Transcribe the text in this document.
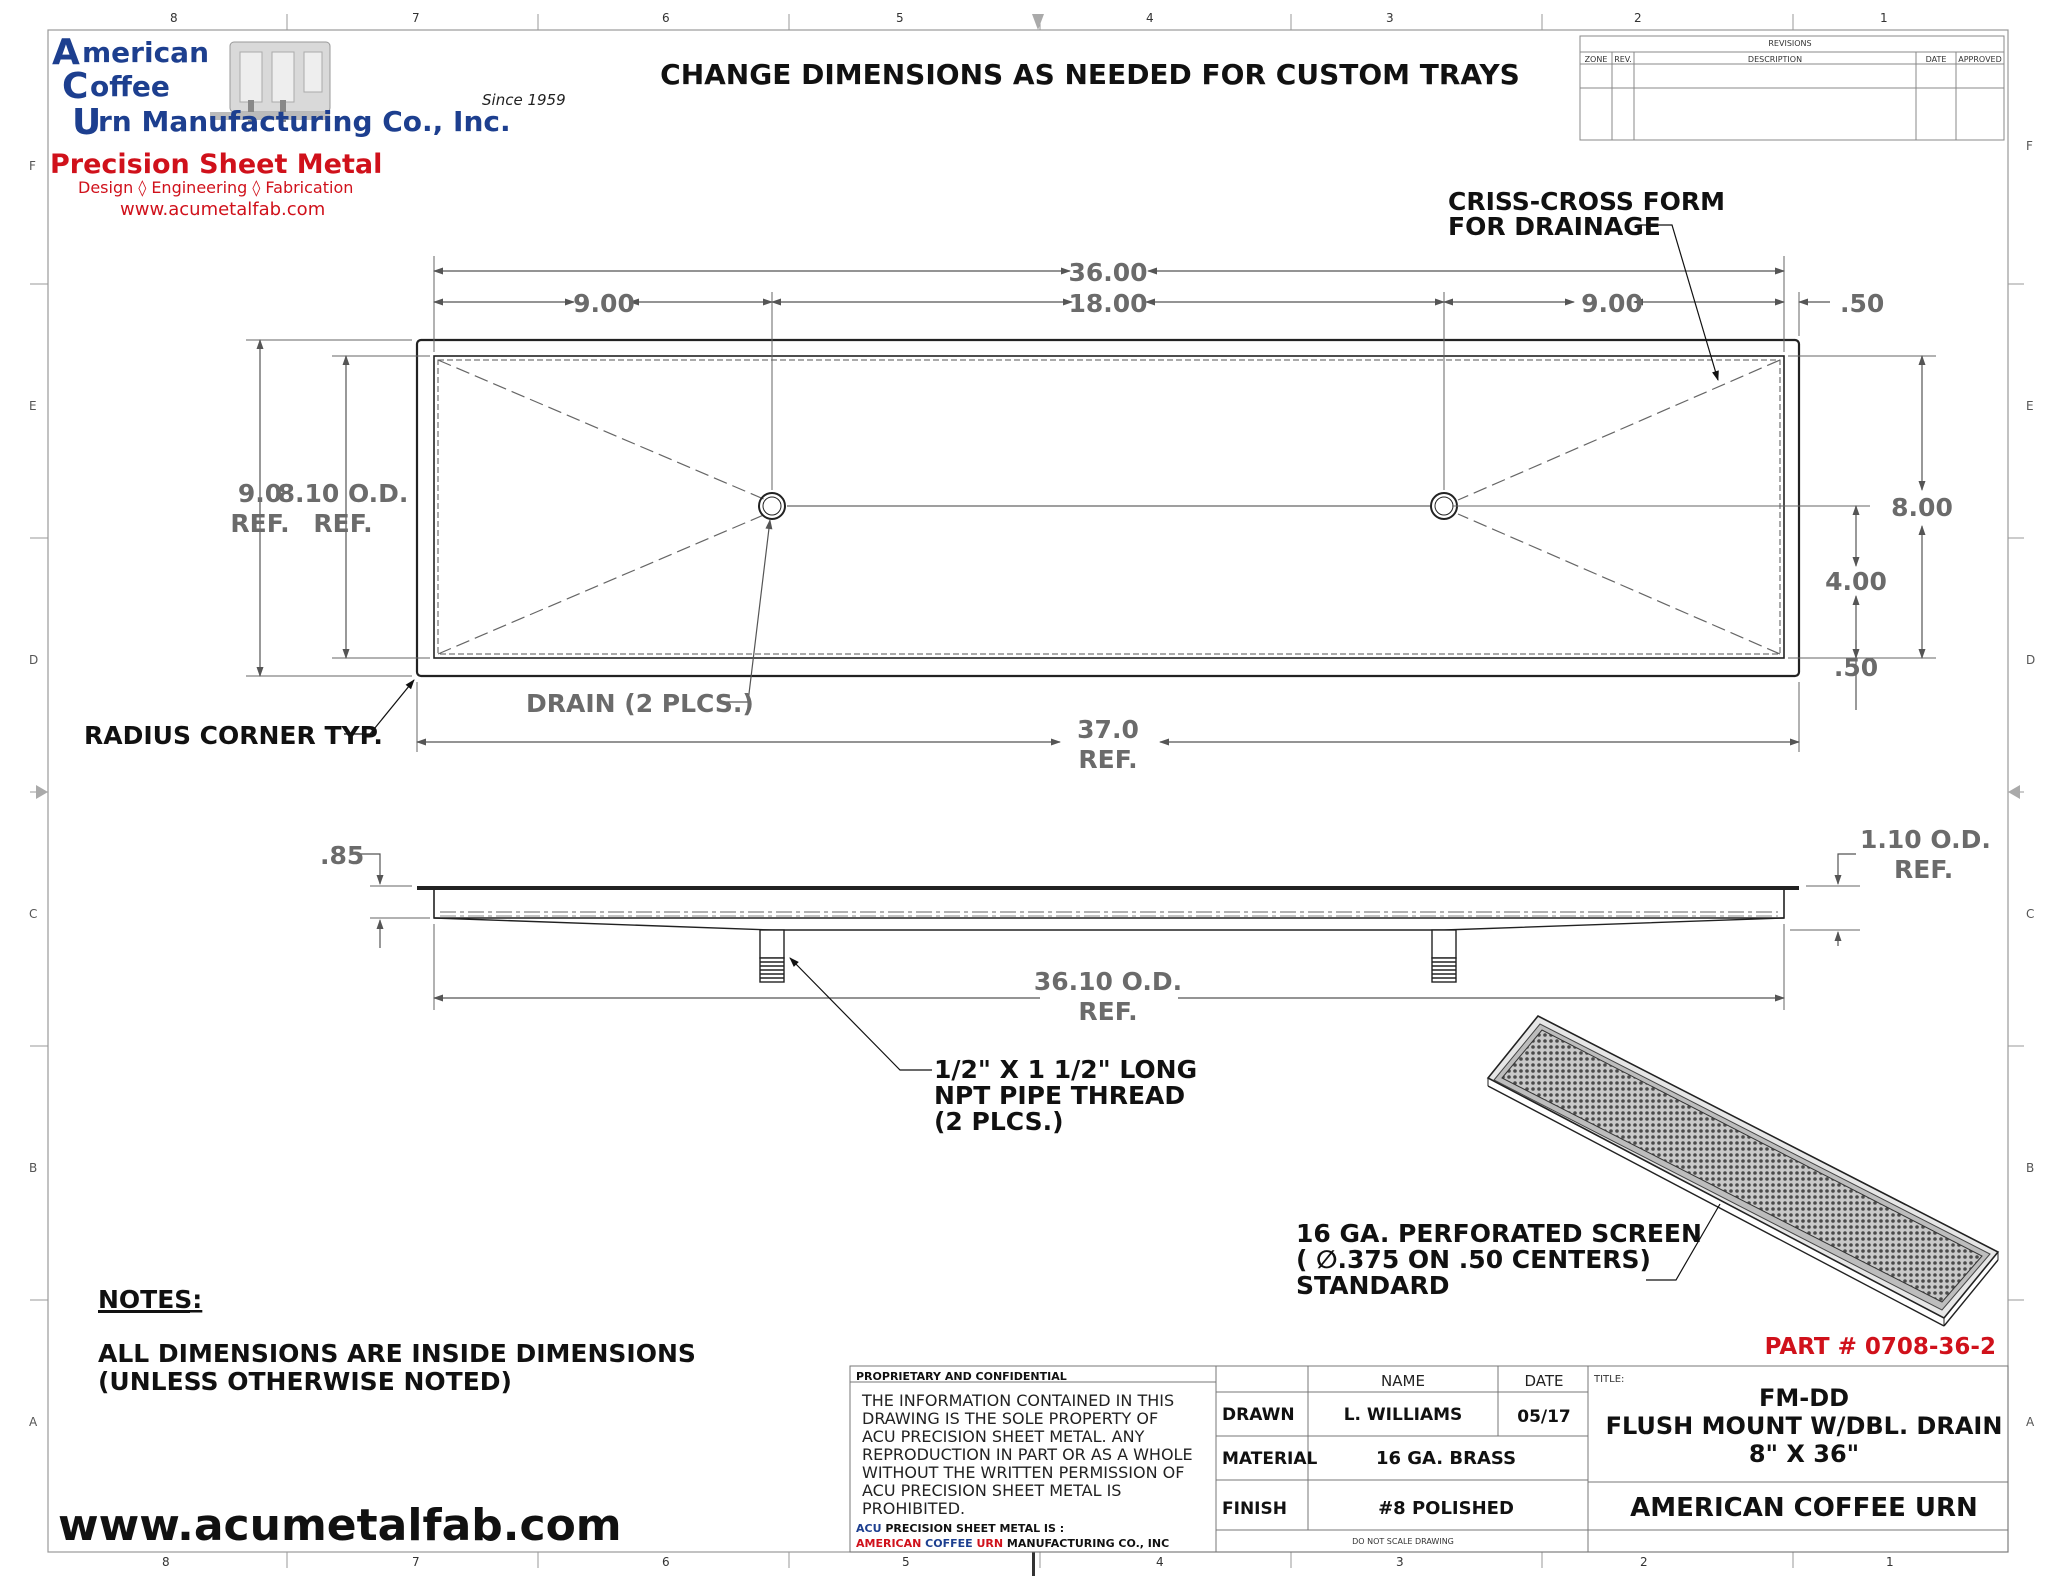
8	7	6	5	4	3	2	1
8	7	6	5	4	3	2	1
F
E
D
C
B
A
F
E
D
C
B
A
A merican
C offee
U
rn Manufacturing Co., Inc.
Since 1959
Precision Sheet Metal
Design ◊ Engineering ◊ Fabrication
www.acumetalfab.com
CHANGE DIMENSIONS AS NEEDED FOR CUSTOM TRAYS
REVISIONS
ZONE REV.	DESCRIPTION	DATE APPROVED
36.00
9.00	18.00	9.00	.50
9.0
REF.
8.10 O.D.
REF.
8.00
4.00
.50
37.0
REF.
CRISS-CROSS FORM
FOR DRAINAGE
DRAIN (2 PLCS.)
RADIUS CORNER TYP.
.85
1.10 O.D.
REF.
36.10 O.D.
REF.
1/2" X 1 1/2" LONG
NPT PIPE THREAD
(2 PLCS.)
16 GA. PERFORATED SCREEN
( ∅.375 ON .50 CENTERS)
STANDARD
NOTES:
ALL DIMENSIONS ARE INSIDE DIMENSIONS
(UNLESS OTHERWISE NOTED)
www.acumetalfab.com
PART # 0708-36-2
PROPRIETARY AND CONFIDENTIAL
THE INFORMATION CONTAINED IN THIS
DRAWING IS THE SOLE PROPERTY OF
ACU PRECISION SHEET METAL. ANY
REPRODUCTION IN PART OR AS A WHOLE
WITHOUT THE WRITTEN PERMISSION OF
ACU PRECISION SHEET METAL IS
PROHIBITED.
ACU PRECISION SHEET METAL IS :
AMERICAN COFFEE URN MANUFACTURING CO., INC
NAME	DATE
DRAWN	L. WILLIAMS	05/17
MATERIAL	16 GA. BRASS
FINISH	#8 POLISHED
DO NOT SCALE DRAWING
TITLE:
FM-DD
FLUSH MOUNT W/DBL. DRAIN
8" X 36"
AMERICAN COFFEE URN
